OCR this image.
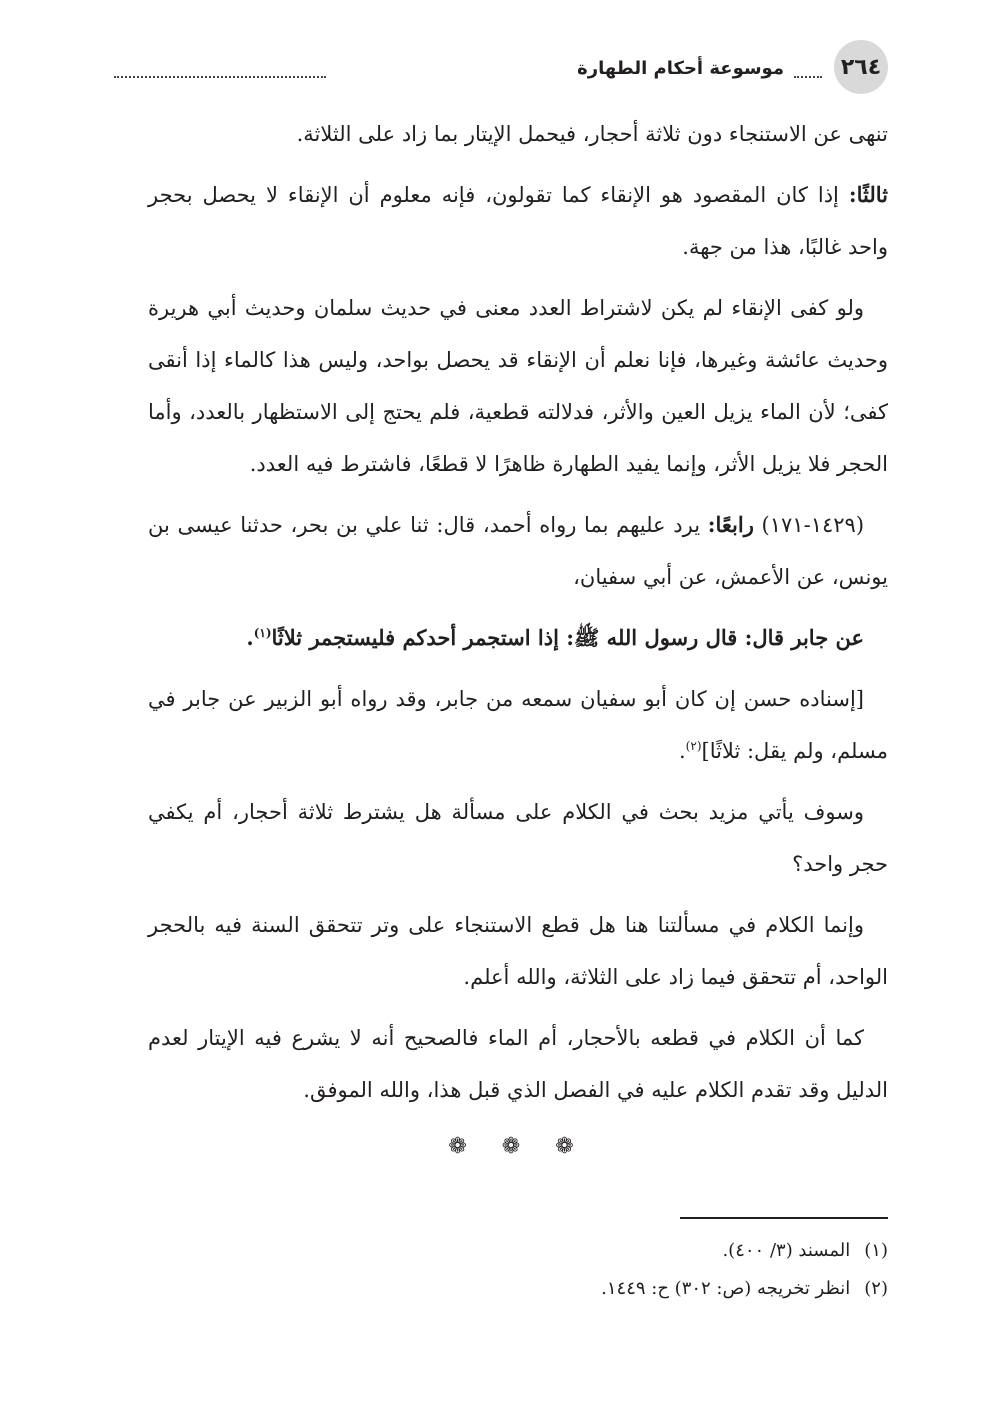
٢٦٤
موسوعة أحكام الطهارة

تنهى عن الاستنجاء دون ثلاثة أحجار، فيحمل الإيتار بما زاد على الثلاثة.

ثالثًا: إذا كان المقصود هو الإنقاء كما تقولون، فإنه معلوم أن الإنقاء لا يحصل بحجر واحد غالبًا، هذا من جهة.

ولو كفى الإنقاء لم يكن لاشتراط العدد معنى في حديث سلمان وحديث أبي هريرة وحديث عائشة وغيرها، فإنا نعلم أن الإنقاء قد يحصل بواحد، وليس هذا كالماء إذا أنقى كفى؛ لأن الماء يزيل العين والأثر، فدلالته قطعية، فلم يحتج إلى الاستظهار بالعدد، وأما الحجر فلا يزيل الأثر، وإنما يفيد الطهارة ظاهرًا لا قطعًا، فاشترط فيه العدد.

(١٤٢٩-١٧١) رابعًا: يرد عليهم بما رواه أحمد، قال: ثنا علي بن بحر، حدثنا عيسى بن يونس، عن الأعمش، عن أبي سفيان،

عن جابر قال: قال رسول الله ﷺ: إذا استجمر أحدكم فليستجمر ثلاثًا$^{(١)}$.

[إسناده حسن إن كان أبو سفيان سمعه من جابر، وقد رواه أبو الزبير عن جابر في مسلم، ولم يقل: ثلاثًا]$^{(٢)}$.

وسوف يأتي مزيد بحث في الكلام على مسألة هل يشترط ثلاثة أحجار، أم يكفي حجر واحد؟

وإنما الكلام في مسألتنا هنا هل قطع الاستنجاء على وتر تتحقق السنة فيه بالحجر الواحد، أم تتحقق فيما زاد على الثلاثة، والله أعلم.

كما أن الكلام في قطعه بالأحجار، أم الماء فالصحيح أنه لا يشرع فيه الإيتار لعدم الدليل وقد تقدم الكلام عليه في الفصل الذي قبل هذا، والله الموفق.

❁ ❁ ❁
(١)المسند (٣/ ٤٠٠).
(٢)انظر تخريجه (ص: ٣٠٢) ح: ١٤٤٩.
